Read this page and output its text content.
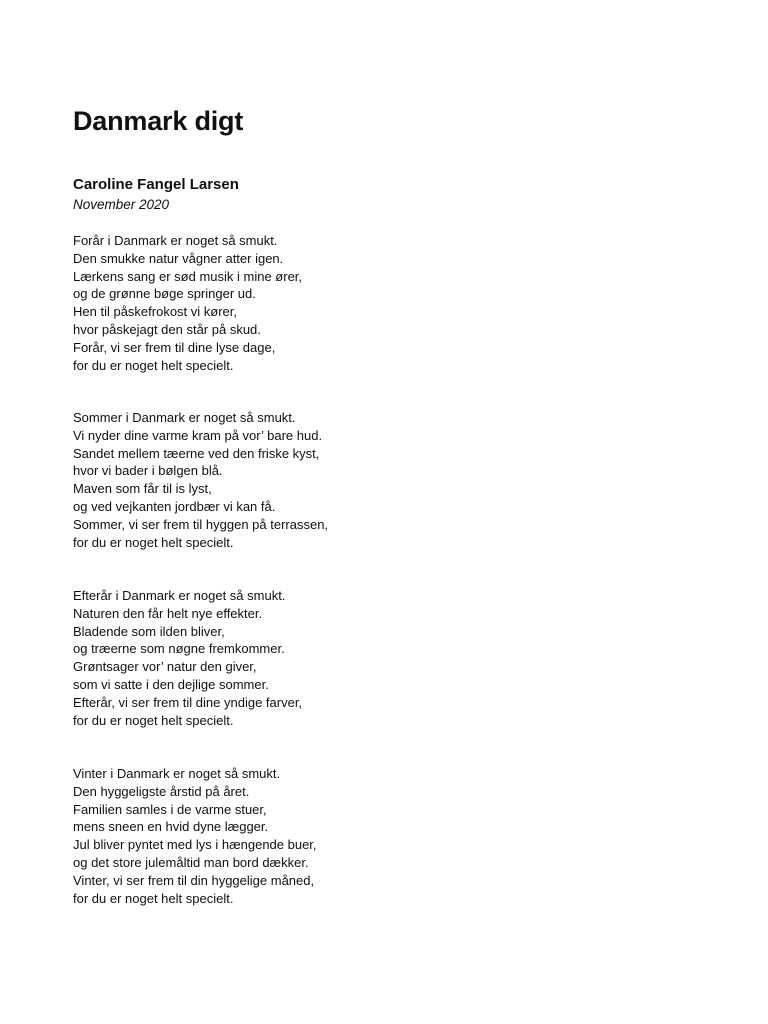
Danmark digt

Caroline Fangel Larsen

November 2020

Forår i Danmark er noget så smukt.
Den smukke natur vågner atter igen.
Lærkens sang er sød musik i mine ører,
og de grønne bøge springer ud.
Hen til påskefrokost vi kører,
hvor påskejagt den står på skud.
Forår, vi ser frem til dine lyse dage,
for du er noget helt specielt.
Sommer i Danmark er noget så smukt.
Vi nyder dine varme kram på vor’ bare hud.
Sandet mellem tæerne ved den friske kyst,
hvor vi bader i bølgen blå.
Maven som får til is lyst,
og ved vejkanten jordbær vi kan få.
Sommer, vi ser frem til hyggen på terrassen,
for du er noget helt specielt.
Efterår i Danmark er noget så smukt.
Naturen den får helt nye effekter.
Bladende som ilden bliver,
og træerne som nøgne fremkommer.
Grøntsager vor’ natur den giver,
som vi satte i den dejlige sommer.
Efterår, vi ser frem til dine yndige farver,
for du er noget helt specielt.
Vinter i Danmark er noget så smukt.
Den hyggeligste årstid på året.
Familien samles i de varme stuer,
mens sneen en hvid dyne lægger.
Jul bliver pyntet med lys i hængende buer,
og det store julemåltid man bord dækker.
Vinter, vi ser frem til din hyggelige måned,
for du er noget helt specielt.
